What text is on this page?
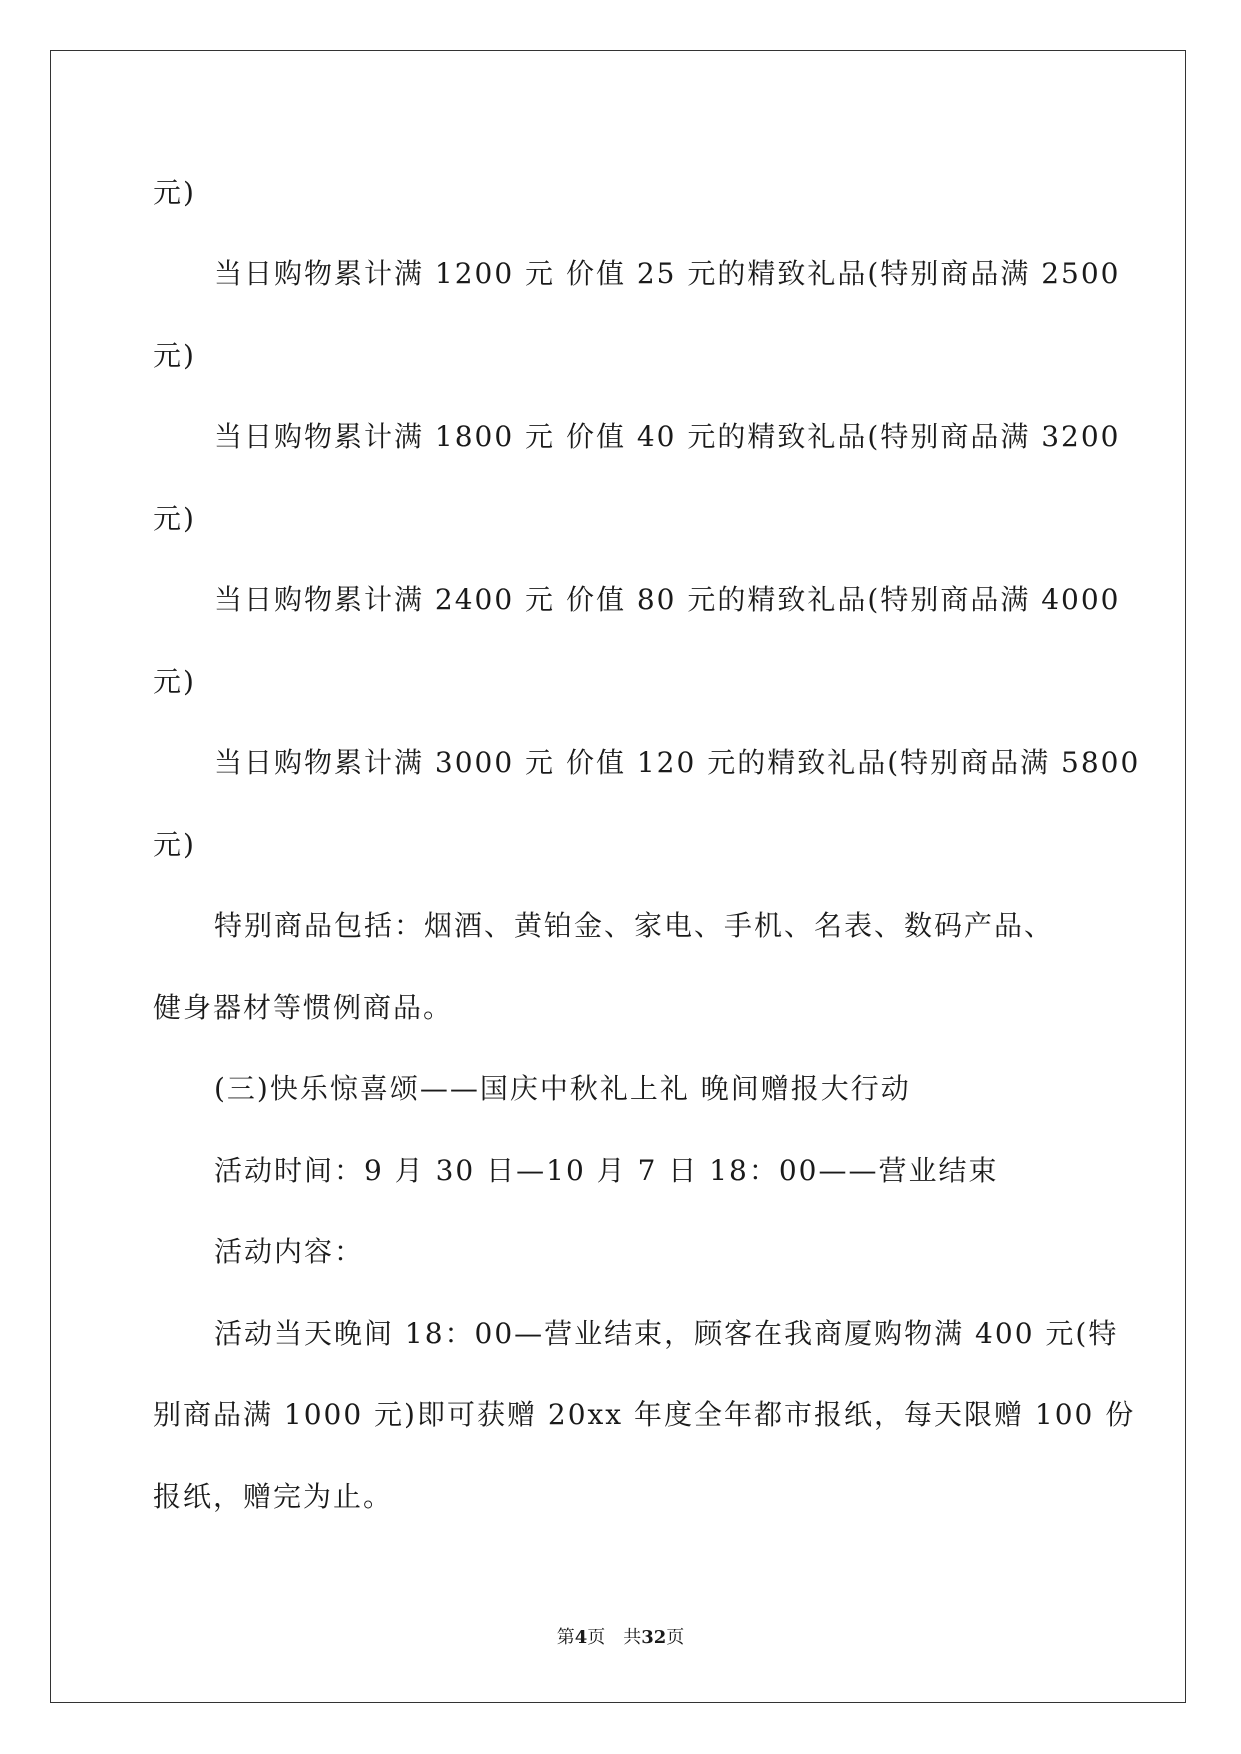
元)
当日购物累计满 1200 元 价值 25 元的精致礼品(特别商品满 2500
元)
当日购物累计满 1800 元 价值 40 元的精致礼品(特别商品满 3200
元)
当日购物累计满 2400 元 价值 80 元的精致礼品(特别商品满 4000
元)
当日购物累计满 3000 元 价值 120 元的精致礼品(特别商品满 5800
元)
特别商品包括：烟酒、黄铂金、家电、手机、名表、数码产品、
健身器材等惯例商品。
(三)快乐惊喜颂——国庆中秋礼上礼 晚间赠报大行动
活动时间：9 月 30 日—10 月 7 日 18：00——营业结束
活动内容：
活动当天晚间 18：00—营业结束，顾客在我商厦购物满 400 元(特
别商品满 1000 元)即可获赠 20xx 年度全年都市报纸，每天限赠 100 份
报纸，赠完为止。
第4页　共32页
